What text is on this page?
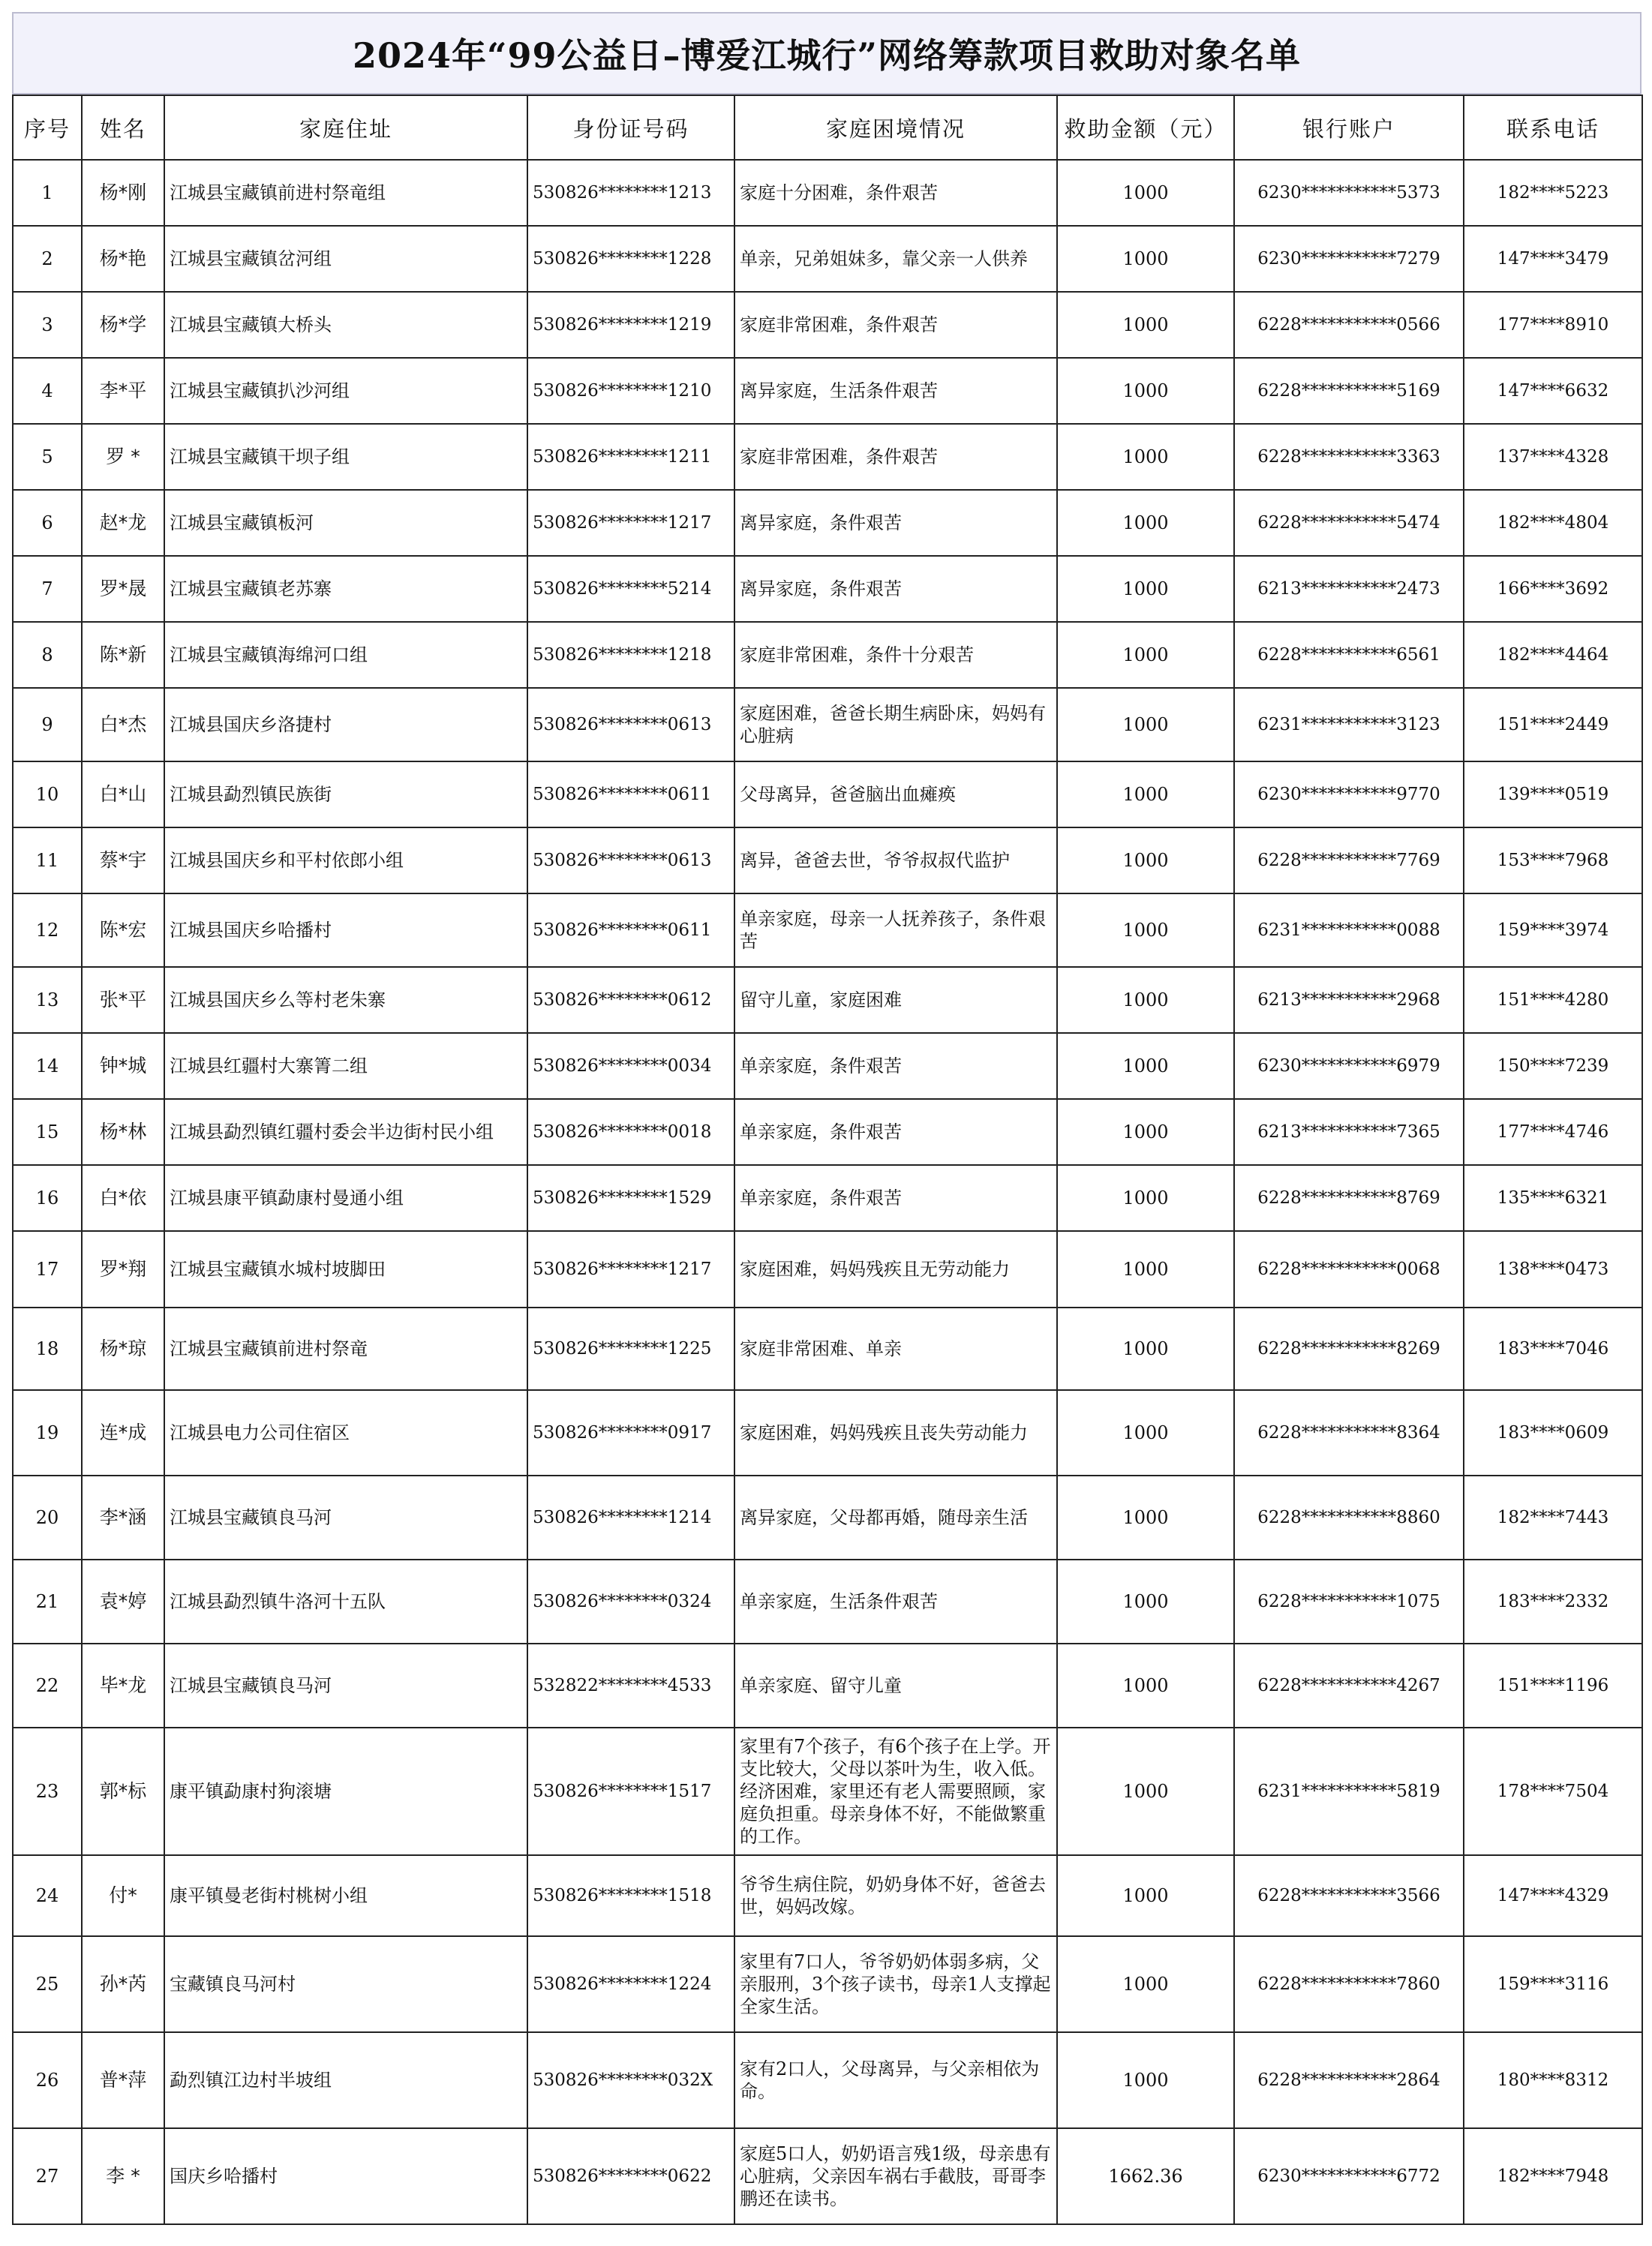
2024年“99公益日–博爱江城行”网络筹款项目救助对象名单
序号	姓名	家庭住址	身份证号码	家庭困境情况	救助金额（元）	银行账户	联系电话
1	杨*刚	江城县宝藏镇前进村祭竜组	530826********1213	家庭十分困难，条件艰苦	1000	6230***********5373	182****5223
2	杨*艳	江城县宝藏镇岔河组	530826********1228	单亲，兄弟姐妹多，靠父亲一人供养	1000	6230***********7279	147****3479
3	杨*学	江城县宝藏镇大桥头	530826********1219	家庭非常困难，条件艰苦	1000	6228***********0566	177****8910
4	李*平	江城县宝藏镇扒沙河组	530826********1210	离异家庭，生活条件艰苦	1000	6228***********5169	147****6632
5	罗 *	江城县宝藏镇干坝子组	530826********1211	家庭非常困难，条件艰苦	1000	6228***********3363	137****4328
6	赵*龙	江城县宝藏镇板河	530826********1217	离异家庭，条件艰苦	1000	6228***********5474	182****4804
7	罗*晟	江城县宝藏镇老苏寨	530826********5214	离异家庭，条件艰苦	1000	6213***********2473	166****3692
8	陈*新	江城县宝藏镇海绵河口组	530826********1218	家庭非常困难，条件十分艰苦	1000	6228***********6561	182****4464
9	白*杰	江城县国庆乡洛捷村	530826********0613	家庭困难，爸爸长期生病卧床，妈妈有心脏病	1000	6231***********3123	151****2449
10	白*山	江城县勐烈镇民族街	530826********0611	父母离异，爸爸脑出血瘫痪	1000	6230***********9770	139****0519
11	蔡*宇	江城县国庆乡和平村依郎小组	530826********0613	离异，爸爸去世，爷爷叔叔代监护	1000	6228***********7769	153****7968
12	陈*宏	江城县国庆乡哈播村	530826********0611	单亲家庭，母亲一人抚养孩子，条件艰苦	1000	6231***********0088	159****3974
13	张*平	江城县国庆乡么等村老朱寨	530826********0612	留守儿童，家庭困难	1000	6213***********2968	151****4280
14	钟*城	江城县红疆村大寨箐二组	530826********0034	单亲家庭，条件艰苦	1000	6230***********6979	150****7239
15	杨*林	江城县勐烈镇红疆村委会半边街村民小组	530826********0018	单亲家庭，条件艰苦	1000	6213***********7365	177****4746
16	白*依	江城县康平镇勐康村曼通小组	530826********1529	单亲家庭，条件艰苦	1000	6228***********8769	135****6321
17	罗*翔	江城县宝藏镇水城村坡脚田	530826********1217	家庭困难，妈妈残疾且无劳动能力	1000	6228***********0068	138****0473
18	杨*琼	江城县宝藏镇前进村祭竜	530826********1225	家庭非常困难、单亲	1000	6228***********8269	183****7046
19	连*成	江城县电力公司住宿区	530826********0917	家庭困难，妈妈残疾且丧失劳动能力	1000	6228***********8364	183****0609
20	李*涵	江城县宝藏镇良马河	530826********1214	离异家庭，父母都再婚，随母亲生活	1000	6228***********8860	182****7443
21	袁*婷	江城县勐烈镇牛洛河十五队	530826********0324	单亲家庭，生活条件艰苦	1000	6228***********1075	183****2332
22	毕*龙	江城县宝藏镇良马河	532822********4533	单亲家庭、留守儿童	1000	6228***********4267	151****1196
23	郭*标	康平镇勐康村狗滚塘	530826********1517	家里有7个孩子，有6个孩子在上学。开支比较大，父母以茶叶为生，收入低。经济困难，家里还有老人需要照顾，家庭负担重。母亲身体不好，不能做繁重的工作。	1000	6231***********5819	178****7504
24	付*	康平镇曼老街村桃树小组	530826********1518	爷爷生病住院，奶奶身体不好，爸爸去世，妈妈改嫁。	1000	6228***********3566	147****4329
25	孙*芮	宝藏镇良马河村	530826********1224	家里有7口人，爷爷奶奶体弱多病，父亲服刑，3个孩子读书，母亲1人支撑起全家生活。	1000	6228***********7860	159****3116
26	普*萍	勐烈镇江边村半坡组	530826********032X	家有2口人，父母离异，与父亲相依为命。	1000	6228***********2864	180****8312
27	李 *	国庆乡哈播村	530826********0622	家庭5口人，奶奶语言残1级，母亲患有心脏病，父亲因车祸右手截肢，哥哥李鹏还在读书。	1662.36	6230***********6772	182****7948
